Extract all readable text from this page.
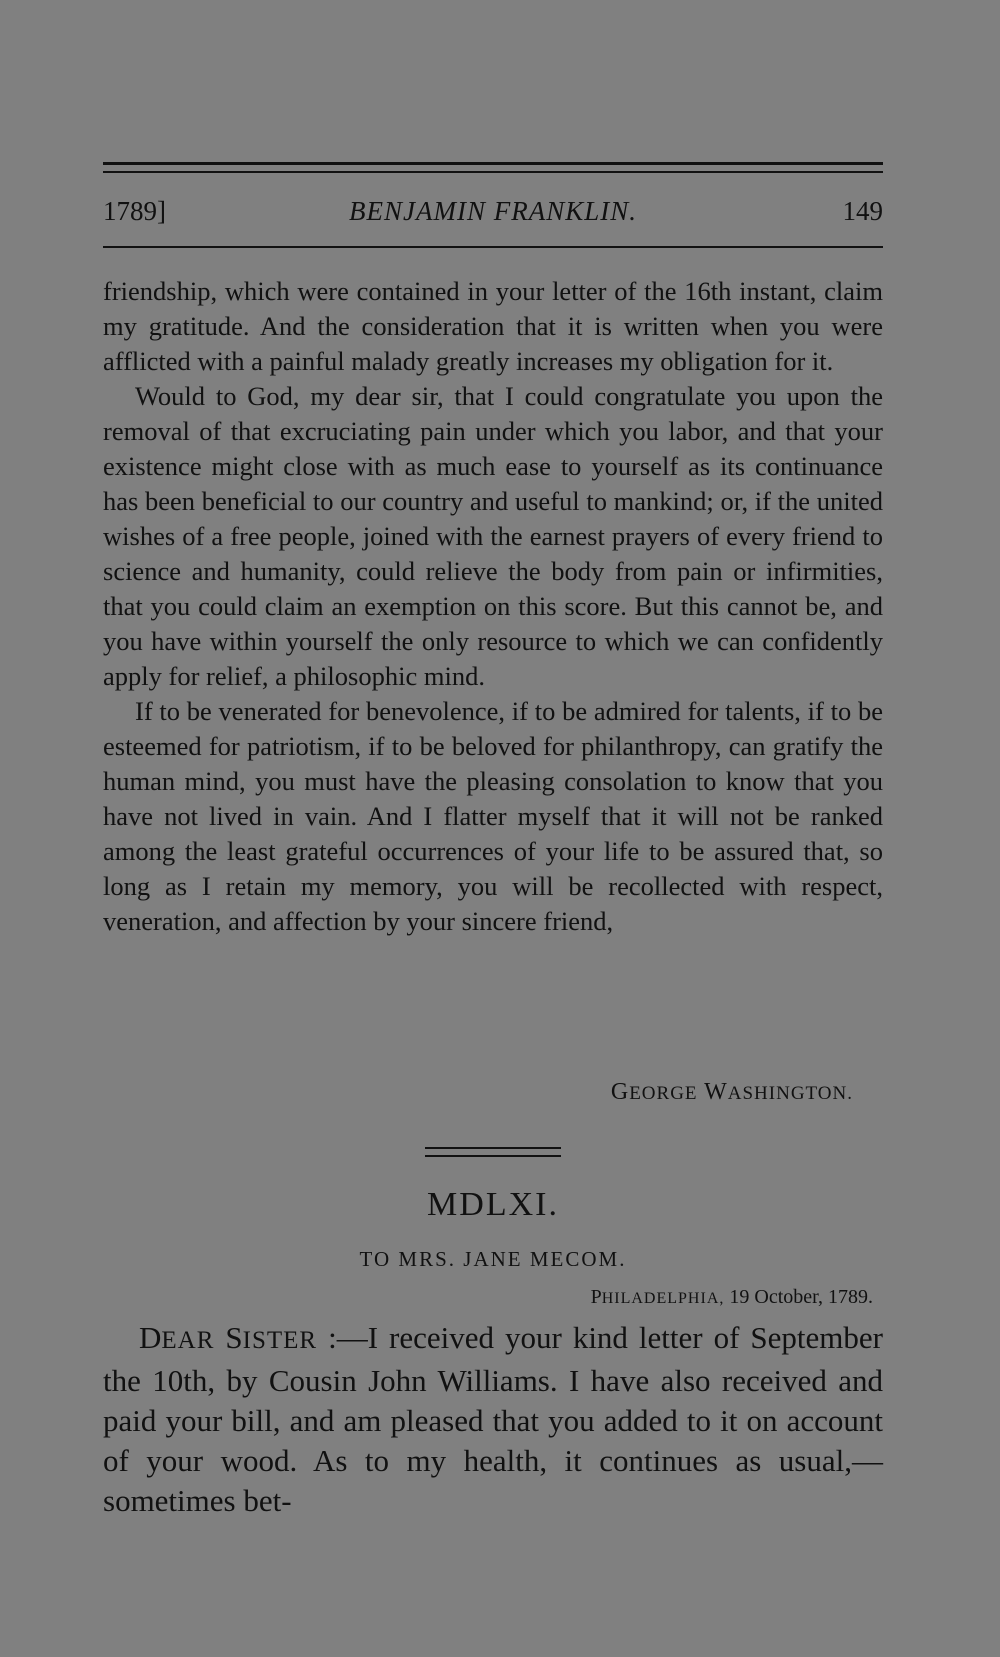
1789]	BENJAMIN FRANKLIN.	149

friendship, which were contained in your letter of the 16th instant, claim my gratitude. And the consideration that it is written when you were afflicted with a painful malady greatly increases my obligation for it.

Would to God, my dear sir, that I could congratulate you upon the removal of that excruciating pain under which you labor, and that your existence might close with as much ease to yourself as its continuance has been beneficial to our country and useful to mankind; or, if the united wishes of a free people, joined with the earnest prayers of every friend to science and humanity, could relieve the body from pain or infirmities, that you could claim an exemption on this score. But this cannot be, and you have within yourself the only resource to which we can confidently apply for relief, a philosophic mind.

If to be venerated for benevolence, if to be admired for talents, if to be esteemed for patriotism, if to be beloved for philanthropy, can gratify the human mind, you must have the pleasing consolation to know that you have not lived in vain. And I flatter myself that it will not be ranked among the least grateful occurrences of your life to be assured that, so long as I retain my memory, you will be recollected with respect, veneration, and affection by your sincere friend,

GEORGE WASHINGTON.
MDLXI.
TO MRS. JANE MECOM.
PHILADELPHIA, 19 October, 1789.

DEAR SISTER :—I received your kind letter of September the 10th, by Cousin John Williams. I have also received and paid your bill, and am pleased that you added to it on account of your wood. As to my health, it continues as usual,—sometimes bet-
